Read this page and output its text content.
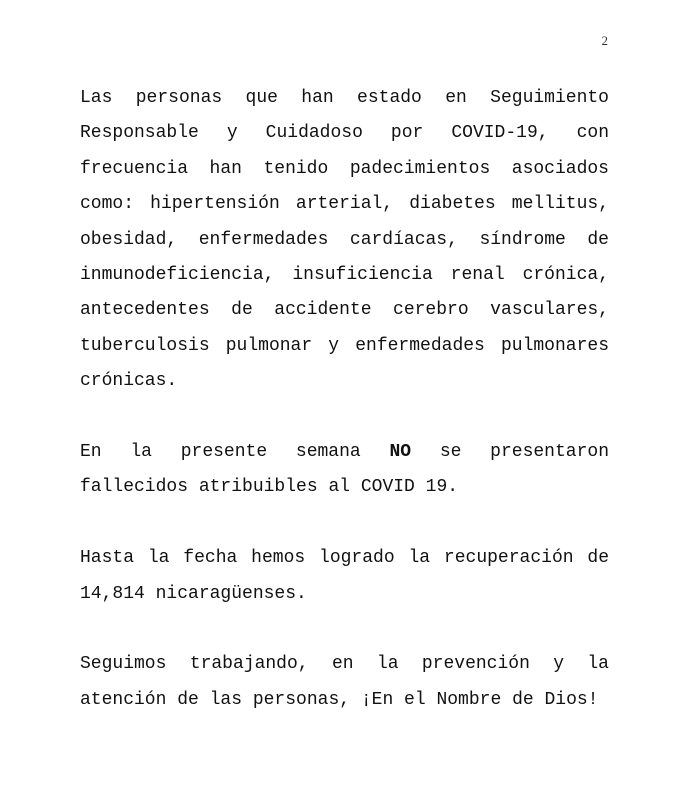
2

Las personas que han estado en Seguimiento Responsable y Cuidadoso por COVID-19, con frecuencia han tenido padecimientos asociados como: hipertensión arterial, diabetes mellitus, obesidad, enfermedades cardíacas, síndrome de inmunodeficiencia, insuficiencia renal crónica, antecedentes de accidente cerebro vasculares, tuberculosis pulmonar y enfermedades pulmonares crónicas.

En la presente semana NO se presentaron fallecidos atribuibles al COVID 19.

Hasta la fecha hemos logrado la recuperación de 14,814 nicaragüenses.

Seguimos trabajando, en la prevención y la atención de las personas, ¡En el Nombre de Dios!
